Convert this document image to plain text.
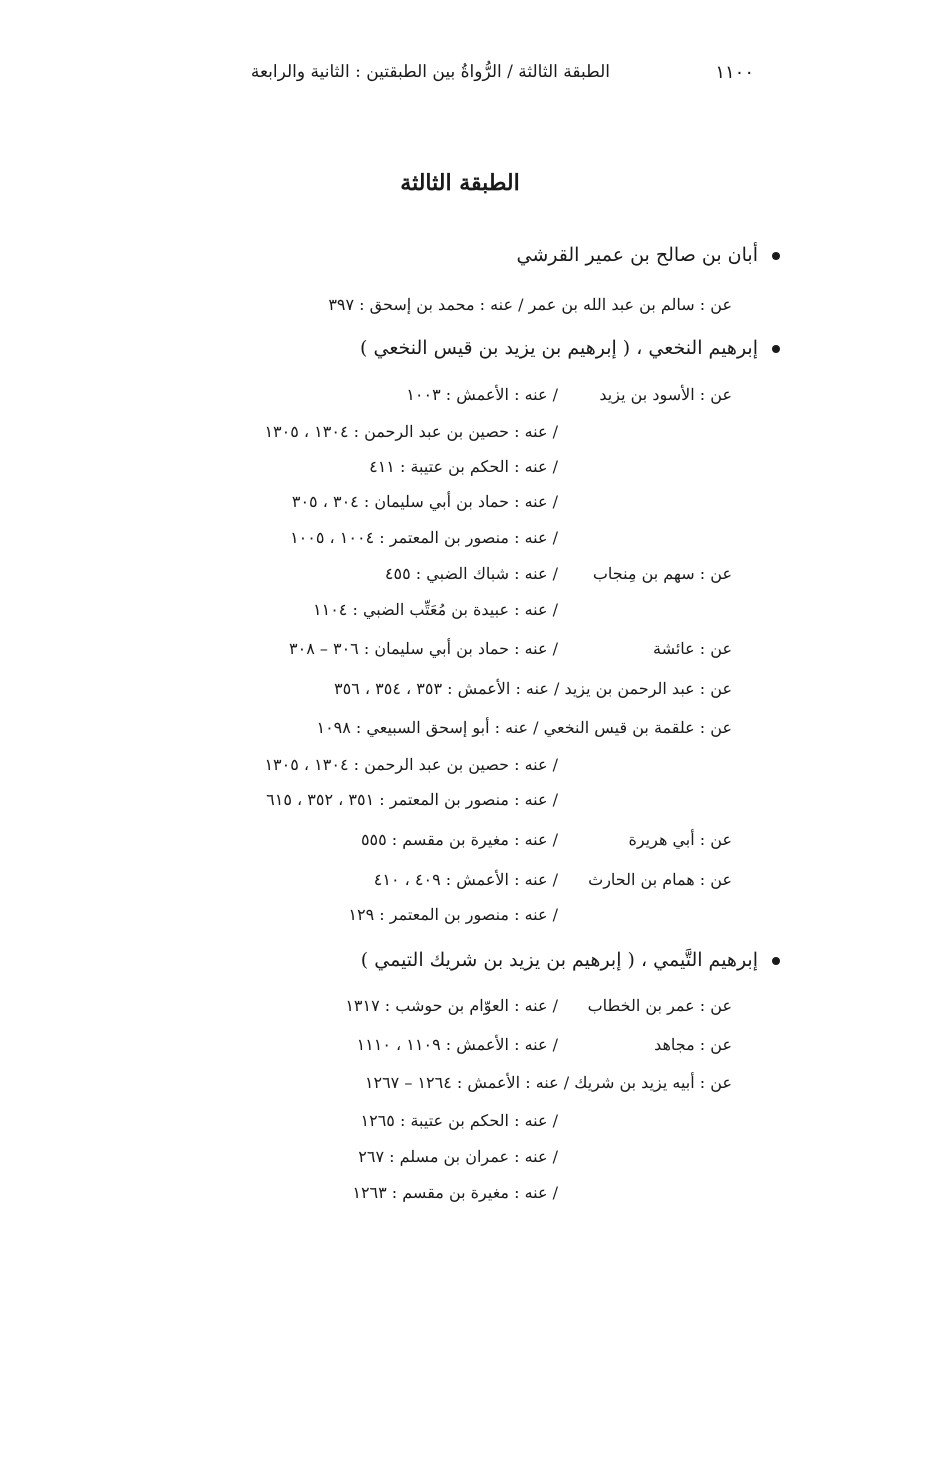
الطبقة الثالثة / الرُّواةُ بين الطبقتين : الثانية والرابعة	١١٠٠
الطبقة الثالثة
أبان بن صالح بن عمير القرشي
عن : سالم بن عبد الله بن عمر / عنه : محمد بن إسحق : ٣٩٧
إبرهيم النخعي ، ( إبرهيم بن يزيد بن قيس النخعي )
عن : الأسود بن يزيد
/ عنه : الأعمش : ١٠٠٣
/ عنه : حصين بن عبد الرحمن : ١٣٠٤ ، ١٣٠٥
/ عنه : الحكم بن عتيبة : ٤١١
/ عنه : حماد بن أبي سليمان : ٣٠٤ ، ٣٠٥
/ عنه : منصور بن المعتمر : ١٠٠٤ ، ١٠٠٥
عن : سهم بن مِنجاب
/ عنه : شباك الضبي : ٤٥٥
/ عنه : عبيدة بن مُعَتِّب الضبي : ١١٠٤
عن : عائشة
/ عنه : حماد بن أبي سليمان : ٣٠٦ – ٣٠٨
عن : عبد الرحمن بن يزيد / عنه : الأعمش : ٣٥٣ ، ٣٥٤ ، ٣٥٦
عن : علقمة بن قيس النخعي / عنه : أبو إسحق السبيعي : ١٠٩٨
/ عنه : حصين بن عبد الرحمن : ١٣٠٤ ، ١٣٠٥
/ عنه : منصور بن المعتمر : ٣٥١ ، ٣٥٢ ، ٦١٥
عن : أبي هريرة
/ عنه : مغيرة بن مقسم : ٥٥٥
عن : همام بن الحارث
/ عنه : الأعمش : ٤٠٩ ، ٤١٠
/ عنه : منصور بن المعتمر : ١٢٩
إبرهيم التَّيمي ، ( إبرهيم بن يزيد بن شريك التيمي )
عن : عمر بن الخطاب
/ عنه : العوّام بن حوشب : ١٣١٧
عن : مجاهد
/ عنه : الأعمش : ١١٠٩ ، ١١١٠
عن : أبيه يزيد بن شريك / عنه : الأعمش : ١٢٦٤ – ١٢٦٧
/ عنه : الحكم بن عتيبة : ١٢٦٥
/ عنه : عمران بن مسلم : ٢٦٧
/ عنه : مغيرة بن مقسم : ١٢٦٣
